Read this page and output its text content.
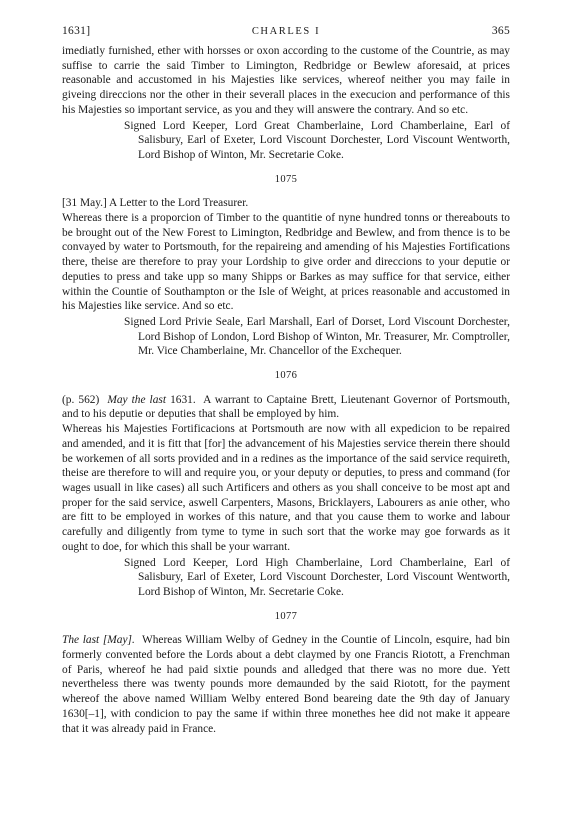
1631]	CHARLES I	365

imediatly furnished, ether with horsses or oxon according to the custome of the Countrie, as may suffise to carrie the said Timber to Limington, Redbridge or Bewlew aforesaid, at prices reasonable and accustomed in his Majesties like services, whereof neither you may faile in giveing direccions nor the other in their severall places in the execucion and performance of this his Majesties so important service, as you and they will answere the contrary. And so etc.

Signed Lord Keeper, Lord Great Chamberlaine, Lord Chamberlaine, Earl of Salisbury, Earl of Exeter, Lord Viscount Dorchester, Lord Viscount Wentworth, Lord Bishop of Winton, Mr. Secretarie Coke.

1075

[31 May.] A Letter to the Lord Treasurer.

Whereas there is a proporcion of Timber to the quantitie of nyne hundred tonns or thereabouts to be brought out of the New Forest to Limington, Redbridge and Bewlew, and from thence is to be convayed by water to Portsmouth, for the repaireing and amending of his Majesties Fortifications there, theise are therefore to pray your Lordship to give order and direccions to your deputie or deputies to press and take upp so many Shipps or Barkes as may suffice for that service, either within the Countie of Southampton or the Isle of Weight, at prices reasonable and accustomed in his Majesties like service. And so etc.

Signed Lord Privie Seale, Earl Marshall, Earl of Dorset, Lord Viscount Dorchester, Lord Bishop of London, Lord Bishop of Winton, Mr. Treasurer, Mr. Comptroller, Mr. Vice Chamberlaine, Mr. Chancellor of the Exchequer.

1076

(p. 562) May the last 1631. A warrant to Captaine Brett, Lieutenant Governor of Portsmouth, and to his deputie or deputies that shall be employed by him.

Whereas his Majesties Fortificacions at Portsmouth are now with all expedicion to be repaired and amended, and it is fitt that [for] the advancement of his Majesties service therein there should be workemen of all sorts provided and in a redines as the importance of the said service requireth, theise are therefore to will and require you, or your deputy or deputies, to press and command (for wages usuall in like cases) all such Artificers and others as you shall conceive to be most apt and proper for the said service, aswell Carpenters, Masons, Bricklayers, Labourers as anie other, who are fitt to be employed in workes of this nature, and that you cause them to worke and labour carefully and diligently from tyme to tyme in such sort that the worke may goe forwards as it ought to doe, for which this shall be your warrant.

Signed Lord Keeper, Lord High Chamberlaine, Lord Chamberlaine, Earl of Salisbury, Earl of Exeter, Lord Viscount Dorchester, Lord Viscount Wentworth, Lord Bishop of Winton, Mr. Secretarie Coke.

1077

The last [May]. Whereas William Welby of Gedney in the Countie of Lincoln, esquire, had bin formerly convented before the Lords about a debt claymed by one Francis Riotott, a Frenchman of Paris, whereof he had paid sixtie pounds and alledged that there was no more due. Yett nevertheless there was twenty pounds more demaunded by the said Riotott, for the payment whereof the above named William Welby entered Bond beareing date the 9th day of January 1630[–1], with condicion to pay the same if within three monethes hee did not make it appeare that it was already paid in France.
